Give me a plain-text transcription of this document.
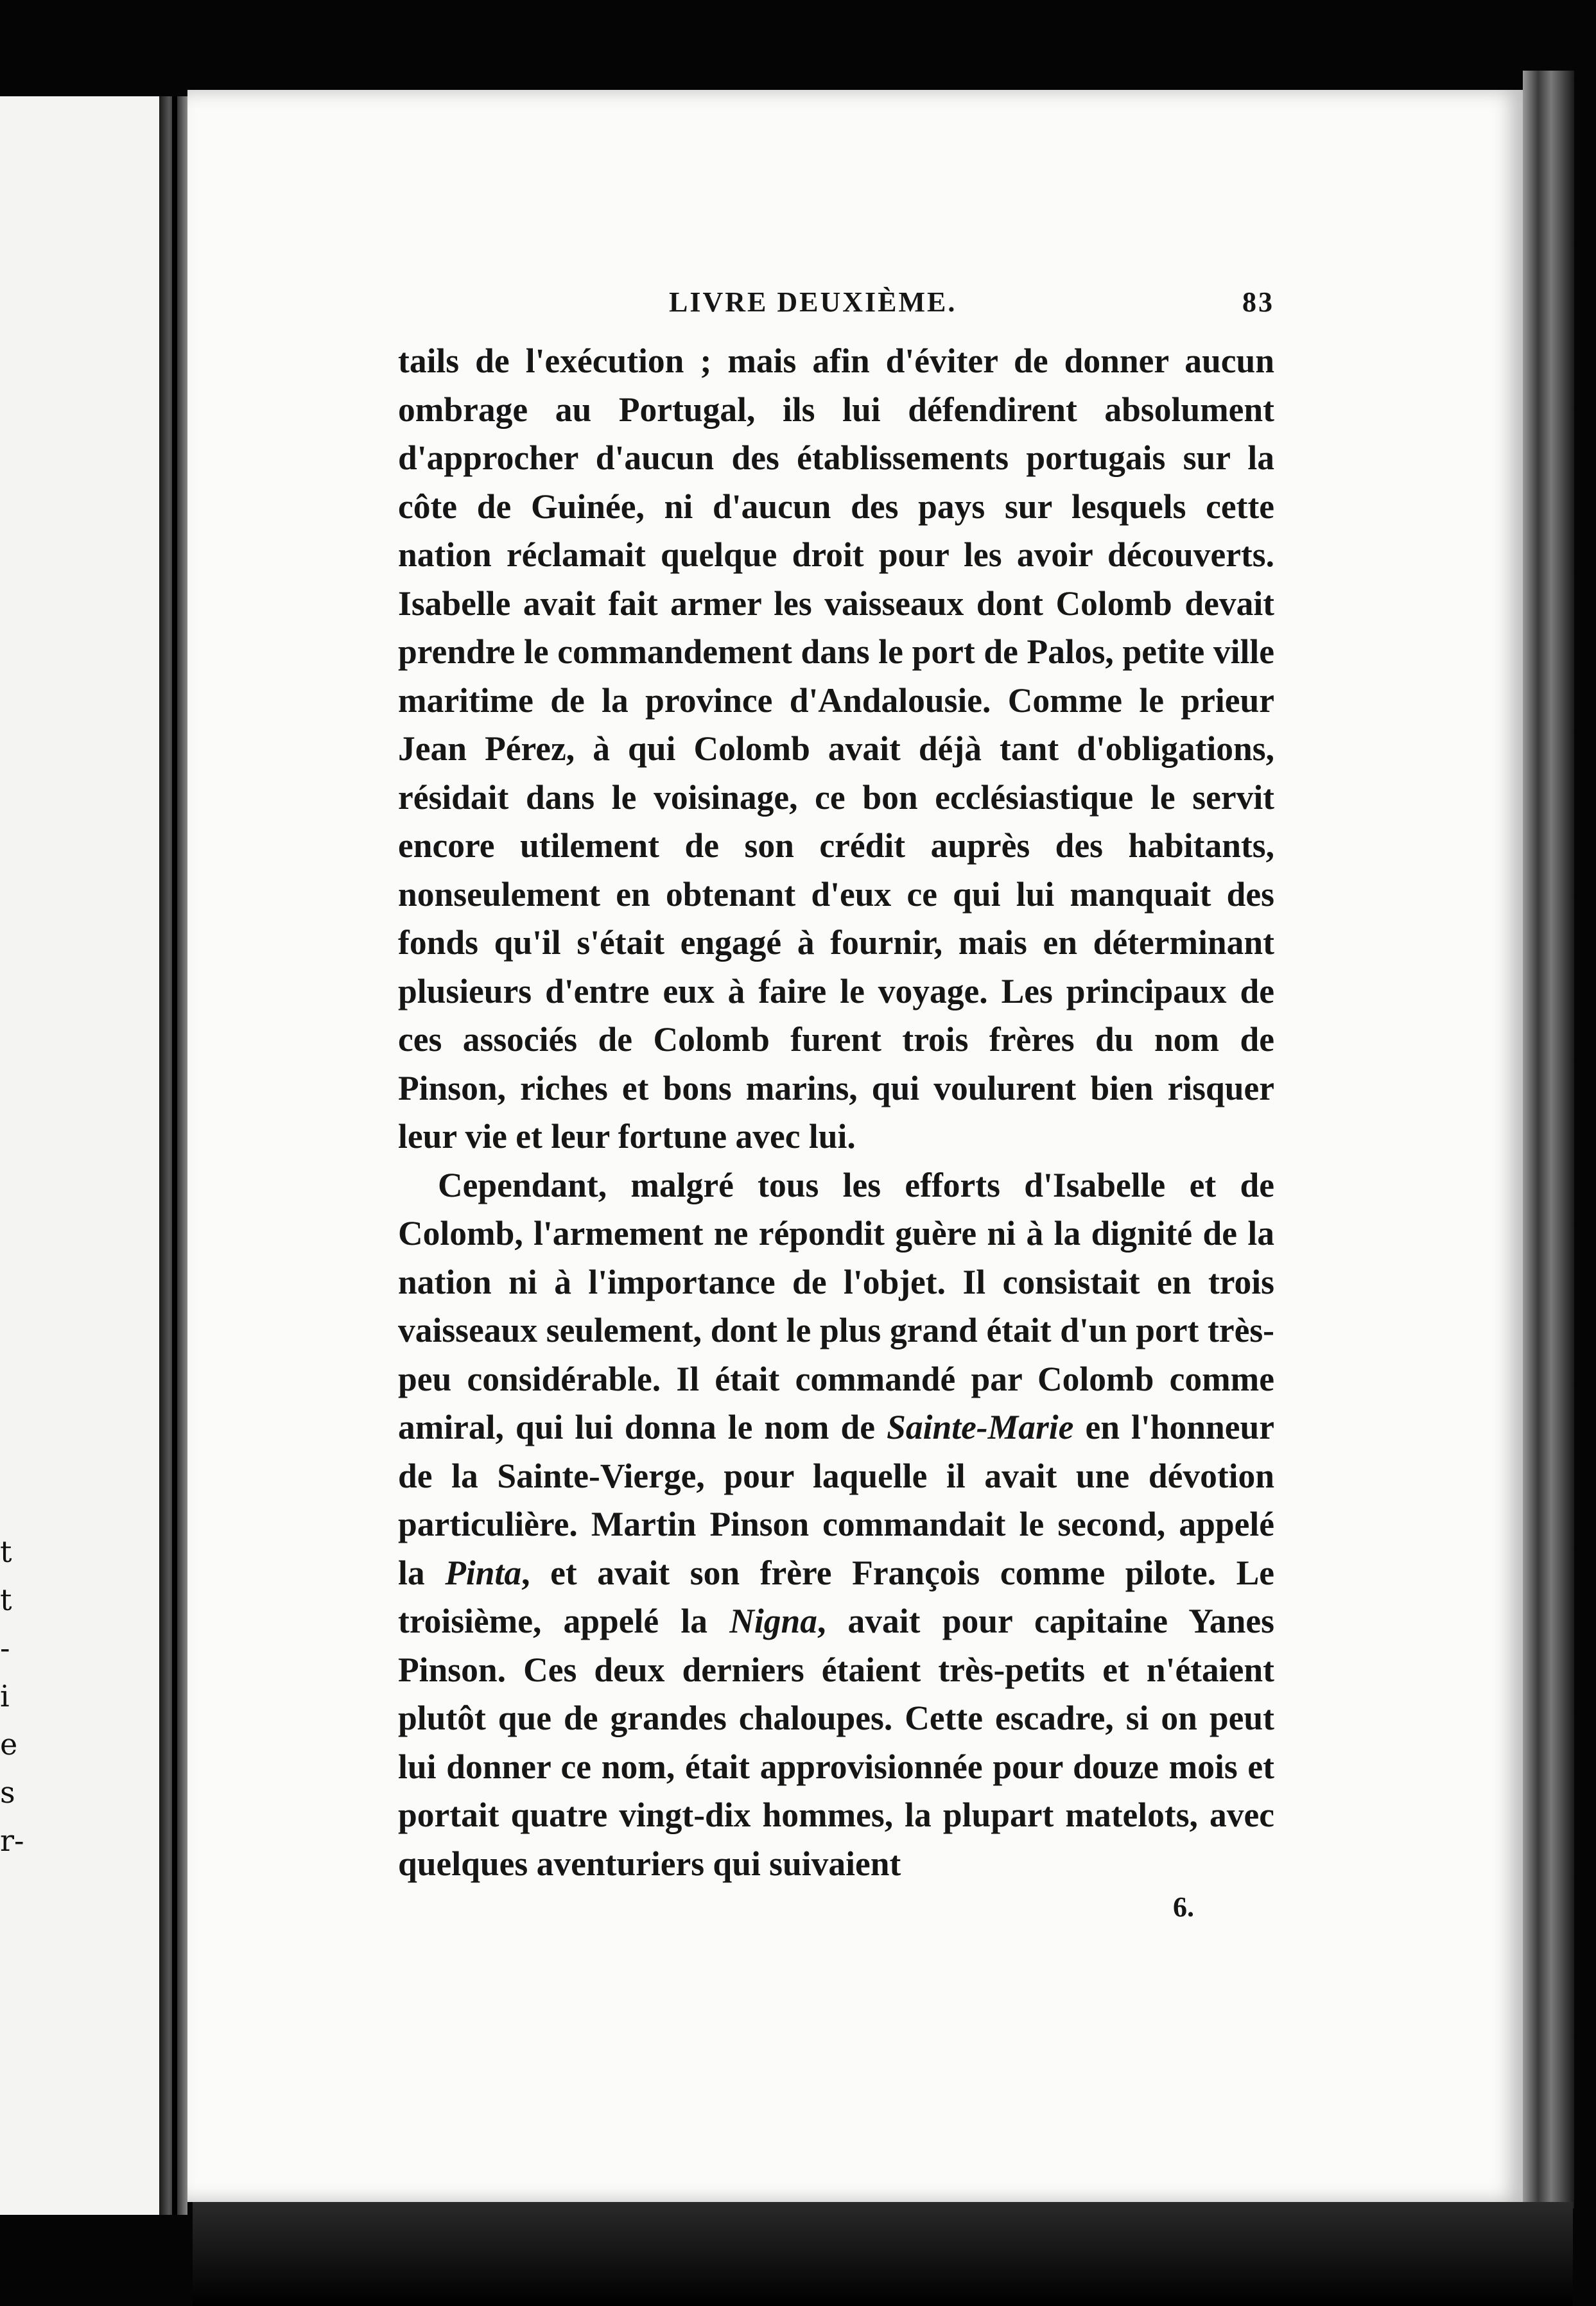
t
t
-
i
e
s
r-
LIVRE DEUXIÈME.	83

tails de l'exécution ; mais afin d'éviter de donner aucun ombrage au Portugal, ils lui défendirent absolument d'approcher d'aucun des établissements portugais sur la côte de Guinée, ni d'aucun des pays sur lesquels cette nation réclamait quelque droit pour les avoir découverts. Isabelle avait fait armer les vaisseaux dont Colomb devait prendre le commandement dans le port de Palos, petite ville maritime de la province d'Andalousie. Comme le prieur Jean Pérez, à qui Colomb avait déjà tant d'obligations, résidait dans le voisinage, ce bon ecclésiastique le servit encore utilement de son crédit auprès des habitants, nonseulement en obtenant d'eux ce qui lui manquait des fonds qu'il s'était engagé à fournir, mais en déterminant plusieurs d'entre eux à faire le voyage. Les principaux de ces associés de Colomb furent trois frères du nom de Pinson, riches et bons marins, qui voulurent bien risquer leur vie et leur fortune avec lui.

Cependant, malgré tous les efforts d'Isabelle et de Colomb, l'armement ne répondit guère ni à la dignité de la nation ni à l'importance de l'objet. Il consistait en trois vaisseaux seulement, dont le plus grand était d'un port très-peu considérable. Il était commandé par Colomb comme amiral, qui lui donna le nom de Sainte-Marie en l'honneur de la Sainte-Vierge, pour laquelle il avait une dévotion particulière. Martin Pinson commandait le second, appelé la Pinta, et avait son frère François comme pilote. Le troisième, appelé la Nigna, avait pour capitaine Yanes Pinson. Ces deux derniers étaient très-petits et n'étaient plutôt que de grandes chaloupes. Cette escadre, si on peut lui donner ce nom, était approvisionnée pour douze mois et portait quatre vingt-dix hommes, la plupart matelots, avec quelques aventuriers qui suivaient

6.
